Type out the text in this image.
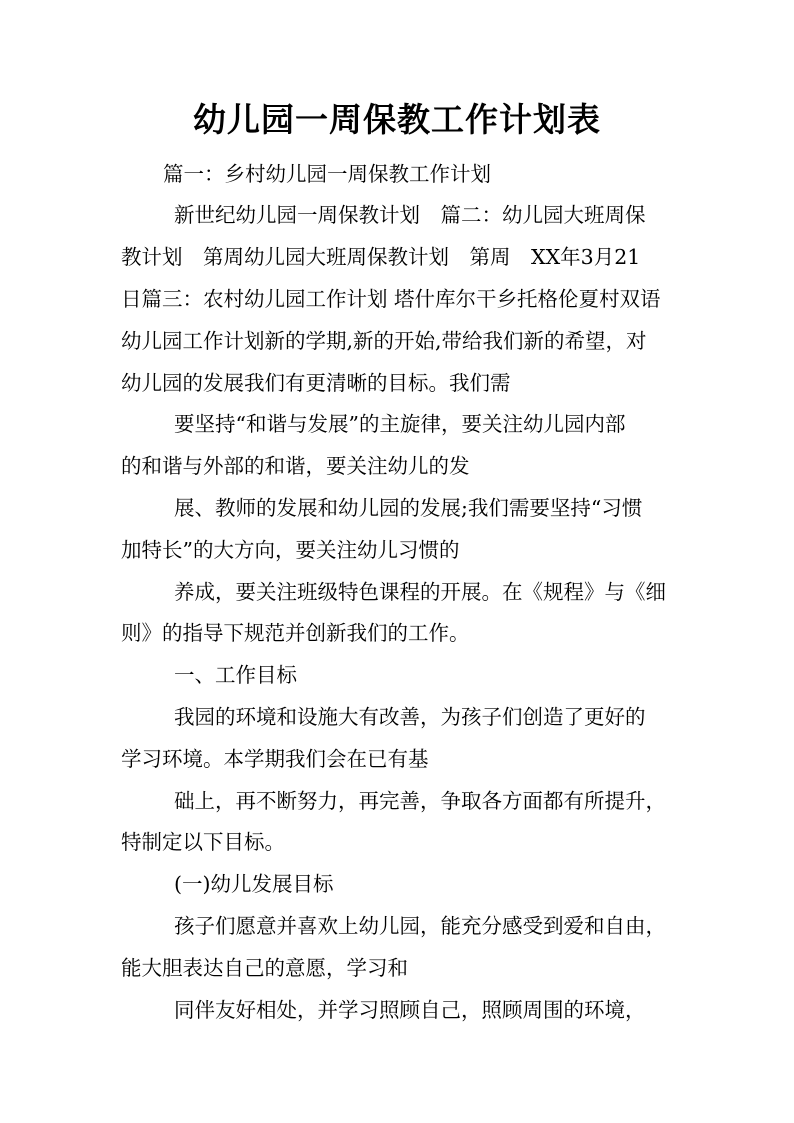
幼儿园一周保教工作计划表
篇一：乡村幼儿园一周保教工作计划
新世纪幼儿园一周保教计划　篇二：幼儿园大班周保
教计划　第周幼儿园大班周保教计划　第周　XX年3月21
日篇三：农村幼儿园工作计划 塔什库尔干乡托格伦夏村双语
幼儿园工作计划新的学期,新的开始,带给我们新的希望，对
幼儿园的发展我们有更清晰的目标。我们需
要坚持“和谐与发展”的主旋律，要关注幼儿园内部
的和谐与外部的和谐，要关注幼儿的发
展、教师的发展和幼儿园的发展;我们需要坚持“习惯
加特长”的大方向，要关注幼儿习惯的
养成，要关注班级特色课程的开展。在《规程》与《细
则》的指导下规范并创新我们的工作。
一、工作目标
我园的环境和设施大有改善，为孩子们创造了更好的
学习环境。本学期我们会在已有基
础上，再不断努力，再完善，争取各方面都有所提升，
特制定以下目标。
(一)幼儿发展目标
孩子们愿意并喜欢上幼儿园，能充分感受到爱和自由，
能大胆表达自己的意愿，学习和
同伴友好相处，并学习照顾自己，照顾周围的环境，
